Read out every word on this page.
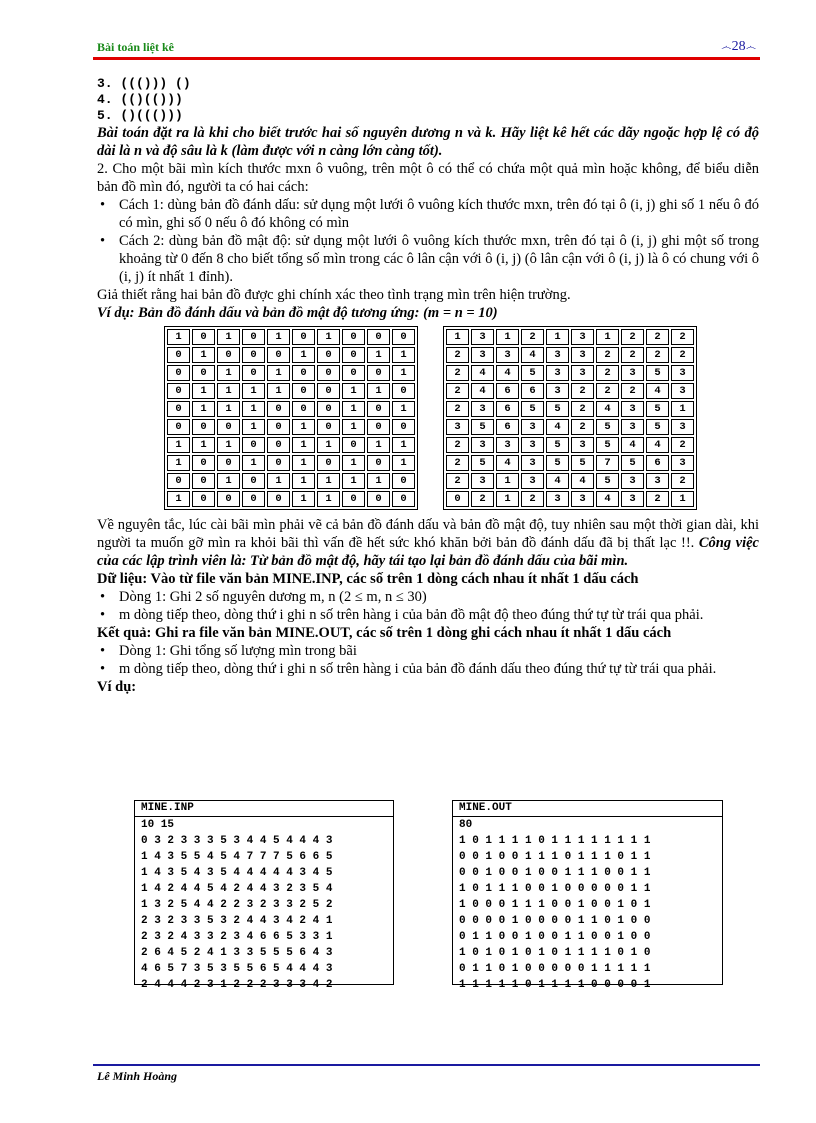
Bài toán liệt kê	෴28෴
3. ((())) ()
4. (()(()))
5. ()((()))

Bài toán đặt ra là khi cho biết trước hai số nguyên dương n và k. Hãy liệt kê hết các dãy ngoặc hợp lệ có độ dài là n và độ sâu là k (làm được với n càng lớn càng tốt).

2. Cho một bãi mìn kích thước mxn ô vuông, trên một ô có thể có chứa một quả mìn hoặc không, để biểu diễn bản đồ mìn đó, người ta có hai cách:

• Cách 1: dùng bản đồ đánh dấu: sử dụng một lưới ô vuông kích thước mxn, trên đó tại ô (i, j) ghi số 1 nếu ô đó có mìn, ghi số 0 nếu ô đó không có mìn
• Cách 2: dùng bản đồ mật độ: sử dụng một lưới ô vuông kích thước mxn, trên đó tại ô (i, j) ghi một số trong khoảng từ 0 đến 8 cho biết tổng số mìn trong các ô lân cận với ô (i, j) (ô lân cận với ô (i, j) là ô có chung với ô (i, j) ít nhất 1 đỉnh).

Giả thiết rằng hai bản đồ được ghi chính xác theo tình trạng mìn trên hiện trường.

Ví dụ: Bản đồ đánh dấu và bản đồ mật độ tương ứng: (m = n = 10)

1	0	1	0	1	0	1	0	0	0
0	1	0	0	0	1	0	0	1	1
0	0	1	0	1	0	0	0	0	1
0	1	1	1	1	0	0	1	1	0
0	1	1	1	0	0	0	1	0	1
0	0	0	1	0	1	0	1	0	0
1	1	1	0	0	1	1	0	1	1
1	0	0	1	0	1	0	1	0	1
0	0	1	0	1	1	1	1	1	0
1	0	0	0	0	1	1	0	0	0
1	3	1	2	1	3	1	2	2	2
2	3	3	4	3	3	2	2	2	2
2	4	4	5	3	3	2	3	5	3
2	4	6	6	3	2	2	2	4	3
2	3	6	5	5	2	4	3	5	1
3	5	6	3	4	2	5	3	5	3
2	3	3	3	5	3	5	4	4	2
2	5	4	3	5	5	7	5	6	3
2	3	1	3	4	4	5	3	3	2
0	2	1	2	3	3	4	3	2	1

Về nguyên tắc, lúc cài bãi mìn phải vẽ cả bản đồ đánh dấu và bản đồ mật độ, tuy nhiên sau một thời gian dài, khi người ta muốn gỡ mìn ra khỏi bãi thì vấn đề hết sức khó khăn bởi bản đồ đánh dấu đã bị thất lạc !!. Công việc của các lập trình viên là: Từ bản đồ mật độ, hãy tái tạo lại bản đồ đánh dấu của bãi mìn.

Dữ liệu: Vào từ file văn bản MINE.INP, các số trên 1 dòng cách nhau ít nhất 1 dấu cách

• Dòng 1: Ghi 2 số nguyên dương m, n (2 ≤ m, n ≤ 30)
• m dòng tiếp theo, dòng thứ i ghi n số trên hàng i của bản đồ mật độ theo đúng thứ tự từ trái qua phải.

Kết quả: Ghi ra file văn bản MINE.OUT, các số trên 1 dòng ghi cách nhau ít nhất 1 dấu cách

• Dòng 1: Ghi tổng số lượng mìn trong bãi
• m dòng tiếp theo, dòng thứ i ghi n số trên hàng i của bản đồ đánh dấu theo đúng thứ tự từ trái qua phải.

Ví dụ:

MINE.INP
10 15
0 3 2 3 3 3 5 3 4 4 5 4 4 4 3
1 4 3 5 5 4 5 4 7 7 7 5 6 6 5
1 4 3 5 4 3 5 4 4 4 4 4 3 4 5
1 4 2 4 4 5 4 2 4 4 3 2 3 5 4
1 3 2 5 4 4 2 2 3 2 3 3 2 5 2
2 3 2 3 3 5 3 2 4 4 3 4 2 4 1
2 3 2 4 3 3 2 3 4 6 6 5 3 3 1
2 6 4 5 2 4 1 3 3 5 5 5 6 4 3
4 6 5 7 3 5 3 5 5 6 5 4 4 4 3
2 4 4 4 2 3 1 2 2 2 3 3 3 4 2
MINE.OUT
80
1 0 1 1 1 1 0 1 1 1 1 1 1 1 1
0 0 1 0 0 1 1 1 0 1 1 1 0 1 1
0 0 1 0 0 1 0 0 1 1 1 0 0 1 1
1 0 1 1 1 0 0 1 0 0 0 0 0 1 1
1 0 0 0 1 1 1 0 0 1 0 0 1 0 1
0 0 0 0 1 0 0 0 0 1 1 0 1 0 0
0 1 1 0 0 1 0 0 1 1 0 0 1 0 0
1 0 1 0 1 0 1 0 1 1 1 1 0 1 0
0 1 1 0 1 0 0 0 0 0 1 1 1 1 1
1 1 1 1 1 0 1 1 1 1 0 0 0 0 1
Lê Minh Hoàng
